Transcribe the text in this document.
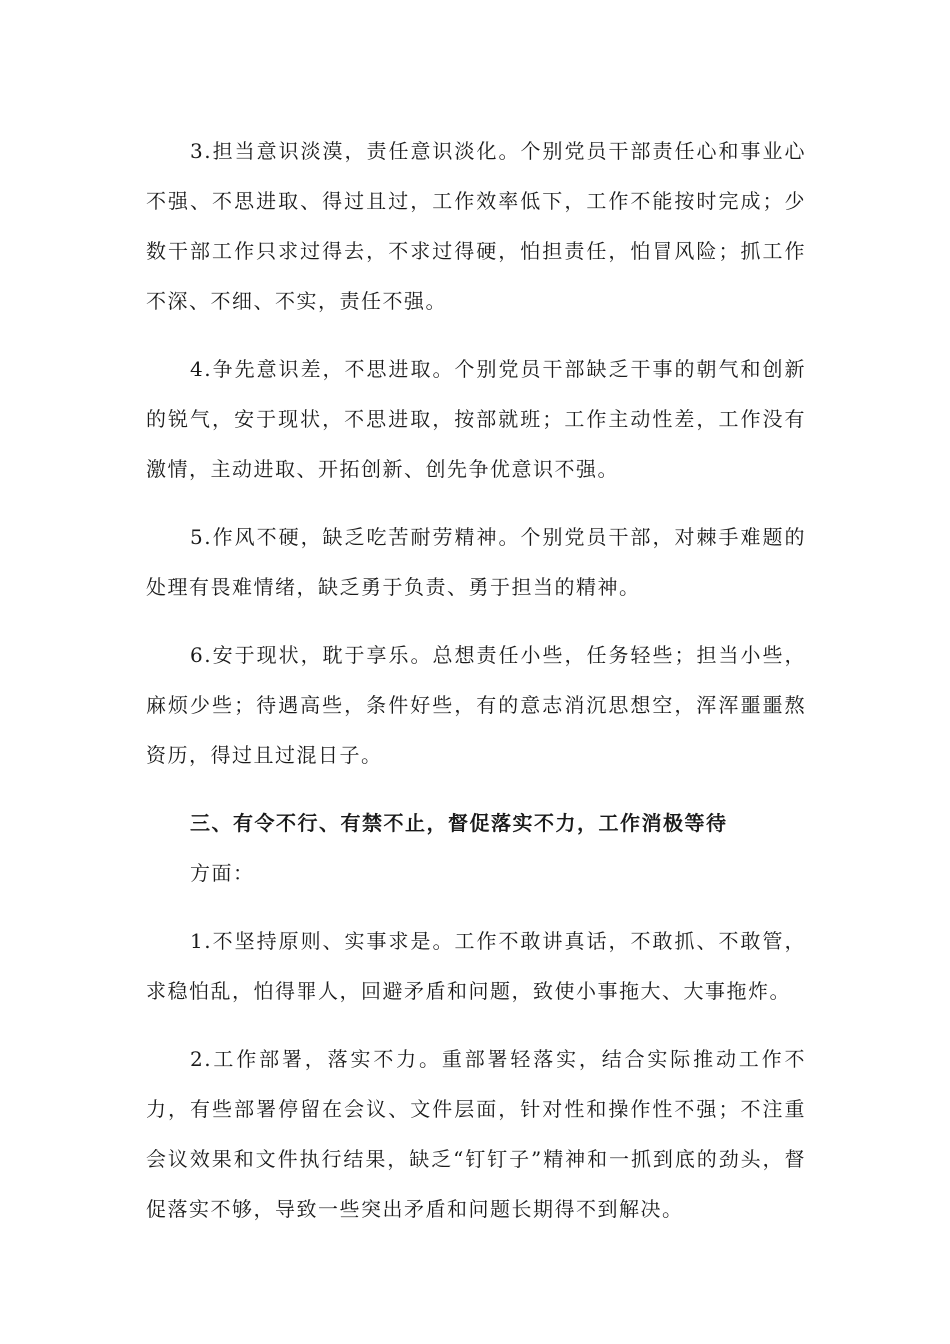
3.担当意识淡漠，责任意识淡化。个别党员干部责任心和事业心不强、不思进取、得过且过，工作效率低下，工作不能按时完成；少数干部工作只求过得去，不求过得硬，怕担责任，怕冒风险；抓工作不深、不细、不实，责任不强。

4.争先意识差，不思进取。个别党员干部缺乏干事的朝气和创新的锐气，安于现状，不思进取，按部就班；工作主动性差，工作没有激情，主动进取、开拓创新、创先争优意识不强。

5.作风不硬，缺乏吃苦耐劳精神。个别党员干部，对棘手难题的处理有畏难情绪，缺乏勇于负责、勇于担当的精神。

6.安于现状，耽于享乐。总想责任小些，任务轻些；担当小些，麻烦少些；待遇高些，条件好些，有的意志消沉思想空，浑浑噩噩熬资历，得过且过混日子。

三、有令不行、有禁不止，督促落实不力，工作消极等待

方面：

1.不坚持原则、实事求是。工作不敢讲真话，不敢抓、不敢管，求稳怕乱，怕得罪人，回避矛盾和问题，致使小事拖大、大事拖炸。

2.工作部署，落实不力。重部署轻落实，结合实际推动工作不力，有些部署停留在会议、文件层面，针对性和操作性不强；不注重会议效果和文件执行结果，缺乏“钉钉子”精神和一抓到底的劲头，督促落实不够，导致一些突出矛盾和问题长期得不到解决。
